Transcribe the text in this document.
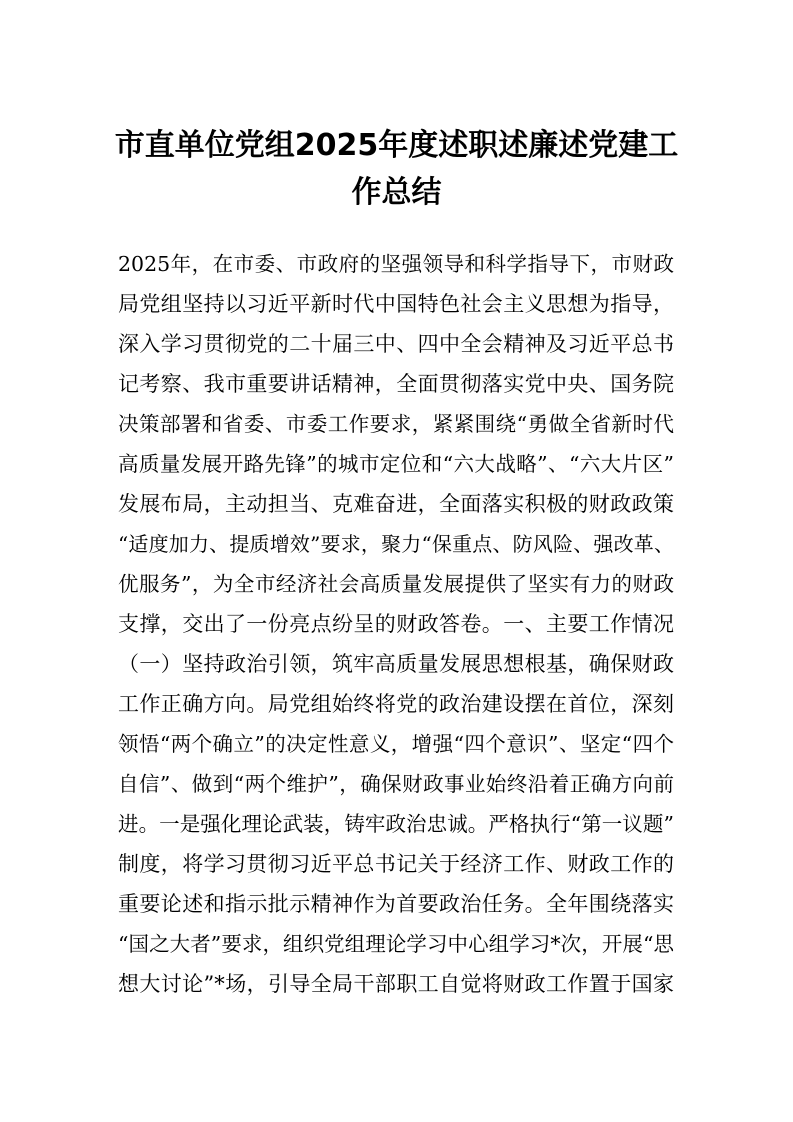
市直单位党组2025年度述职述廉述党建工
作总结
2025年，在市委、市政府的坚强领导和科学指导下，市财政
局党组坚持以习近平新时代中国特色社会主义思想为指导，
深入学习贯彻党的二十届三中、四中全会精神及习近平总书
记考察、我市重要讲话精神，全面贯彻落实党中央、国务院
决策部署和省委、市委工作要求，紧紧围绕“勇做全省新时代
高质量发展开路先锋”的城市定位和“六大战略”、“六大片区”
发展布局，主动担当、克难奋进，全面落实积极的财政政策
“适度加力、提质增效”要求，聚力“保重点、防风险、强改革、
优服务”，为全市经济社会高质量发展提供了坚实有力的财政
支撑，交出了一份亮点纷呈的财政答卷。一、主要工作情况
（一）坚持政治引领，筑牢高质量发展思想根基，确保财政
工作正确方向。局党组始终将党的政治建设摆在首位，深刻
领悟“两个确立”的决定性意义，增强“四个意识”、坚定“四个
自信”、做到“两个维护”，确保财政事业始终沿着正确方向前
进。一是强化理论武装，铸牢政治忠诚。严格执行“第一议题”
制度，将学习贯彻习近平总书记关于经济工作、财政工作的
重要论述和指示批示精神作为首要政治任务。全年围绕落实
“国之大者”要求，组织党组理论学习中心组学习*次，开展“思
想大讨论”*场，引导全局干部职工自觉将财政工作置于国家
